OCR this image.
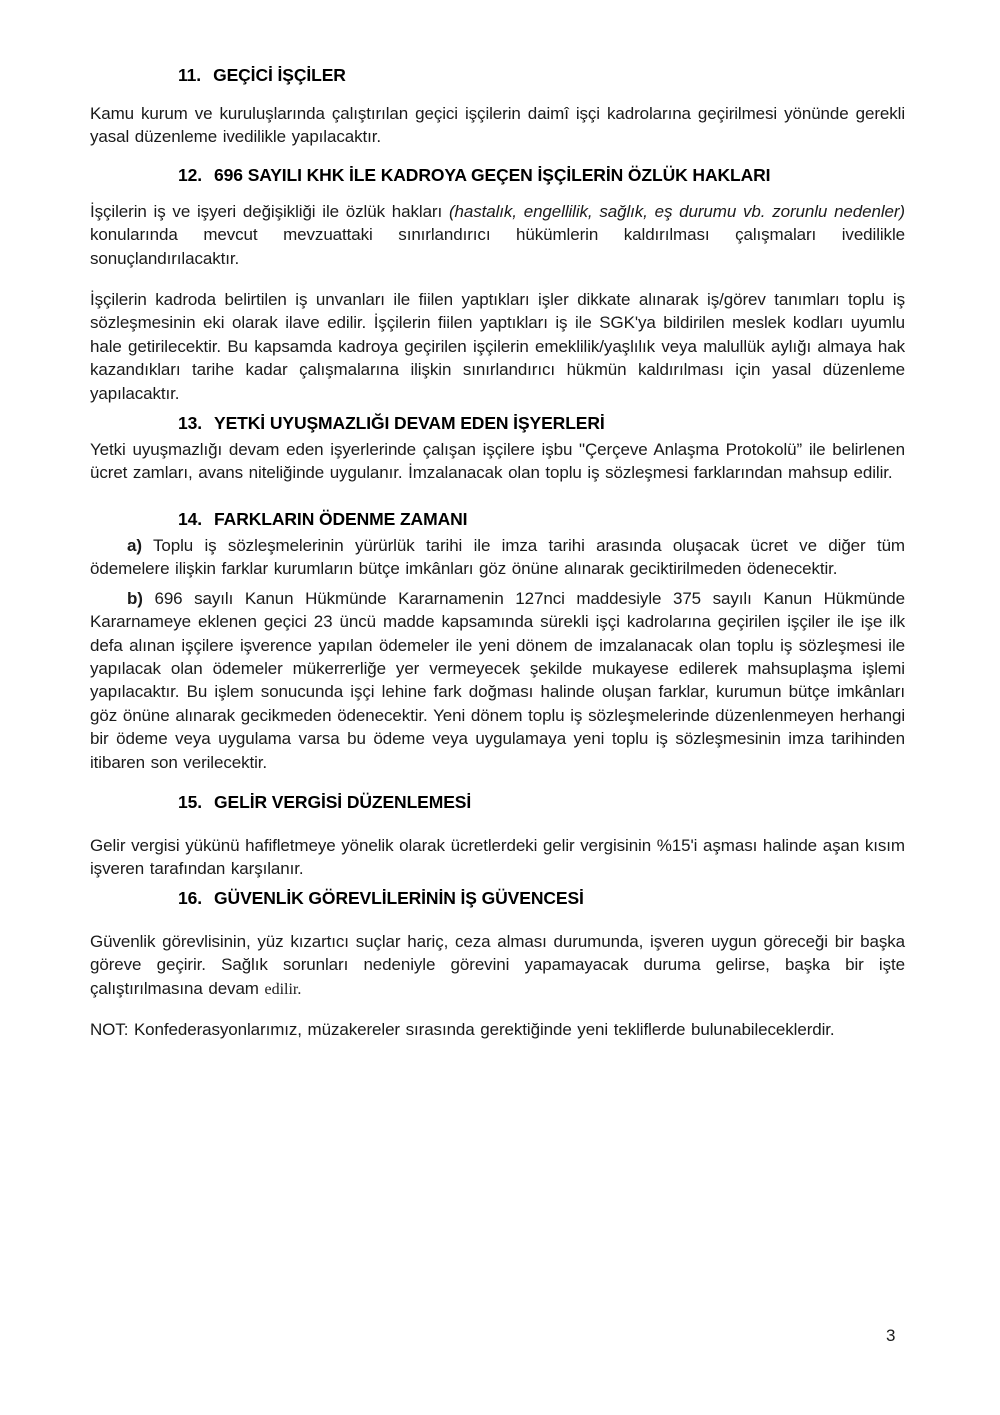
11. GEÇİCİ İŞÇİLER

Kamu kurum ve kuruluşlarında çalıştırılan geçici işçilerin daimî işçi kadrolarına geçirilmesi yönünde gerekli yasal düzenleme ivedilikle yapılacaktır.

12. 696 SAYILI KHK İLE KADROYA GEÇEN İŞÇİLERİN ÖZLÜK HAKLARI

İşçilerin iş ve işyeri değişikliği ile özlük hakları (hastalık, engellilik, sağlık, eş durumu vb. zorunlu nedenler) konularında mevcut mevzuattaki sınırlandırıcı hükümlerin kaldırılması çalışmaları ivedilikle sonuçlandırılacaktır.

İşçilerin kadroda belirtilen iş unvanları ile fiilen yaptıkları işler dikkate alınarak iş/görev tanımları toplu iş sözleşmesinin eki olarak ilave edilir. İşçilerin fiilen yaptıkları iş ile SGK'ya bildirilen meslek kodları uyumlu hale getirilecektir. Bu kapsamda kadroya geçirilen işçilerin emeklilik/yaşlılık veya malullük aylığı almaya hak kazandıkları tarihe kadar çalışmalarına ilişkin sınırlandırıcı hükmün kaldırılması için yasal düzenleme yapılacaktır.

13. YETKİ UYUŞMAZLIĞI DEVAM EDEN İŞYERLERİ

Yetki uyuşmazlığı devam eden işyerlerinde çalışan işçilere işbu "Çerçeve Anlaşma Protokolü” ile belirlenen ücret zamları, avans niteliğinde uygulanır. İmzalanacak olan toplu iş sözleşmesi farklarından mahsup edilir.

14. FARKLARIN ÖDENME ZAMANI

a) Toplu iş sözleşmelerinin yürürlük tarihi ile imza tarihi arasında oluşacak ücret ve diğer tüm ödemelere ilişkin farklar kurumların bütçe imkânları göz önüne alınarak geciktirilmeden ödenecektir.

b) 696 sayılı Kanun Hükmünde Kararnamenin 127nci maddesiyle 375 sayılı Kanun Hükmünde Kararnameye eklenen geçici 23 üncü madde kapsamında sürekli işçi kadrolarına geçirilen işçiler ile işe ilk defa alınan işçilere işverence yapılan ödemeler ile yeni dönem de imzalanacak olan toplu iş sözleşmesi ile yapılacak olan ödemeler mükerrerliğe yer vermeyecek şekilde mukayese edilerek mahsuplaşma işlemi yapılacaktır. Bu işlem sonucunda işçi lehine fark doğması halinde oluşan farklar, kurumun bütçe imkânları göz önüne alınarak gecikmeden ödenecektir. Yeni dönem toplu iş sözleşmelerinde düzenlenmeyen herhangi bir ödeme veya uygulama varsa bu ödeme veya uygulamaya yeni toplu iş sözleşmesinin imza tarihinden itibaren son verilecektir.

15. GELİR VERGİSİ DÜZENLEMESİ

Gelir vergisi yükünü hafifletmeye yönelik olarak ücretlerdeki gelir vergisinin %15'i aşması halinde aşan kısım işveren tarafından karşılanır.

16. GÜVENLİK GÖREVLİLERİNİN İŞ GÜVENCESİ

Güvenlik görevlisinin, yüz kızartıcı suçlar hariç, ceza alması durumunda, işveren uygun göreceği bir başka göreve geçirir. Sağlık sorunları nedeniyle görevini yapamayacak duruma gelirse, başka bir işte çalıştırılmasına devam edilir.

NOT: Konfederasyonlarımız, müzakereler sırasında gerektiğinde yeni tekliflerde bulunabileceklerdir.

3
